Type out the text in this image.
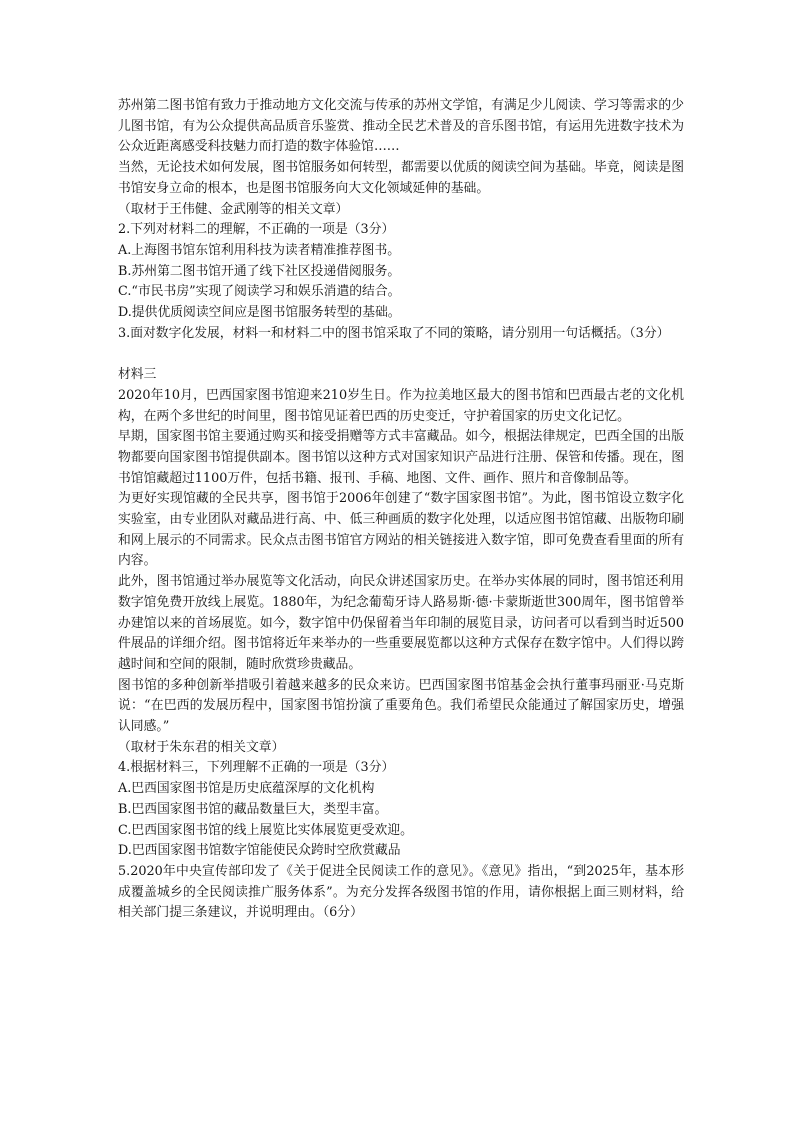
苏州第二图书馆有致力于推动地方文化交流与传承的苏州文学馆，有满足少儿阅读、学习等需求的少儿图书馆，有为公众提供高品质音乐鉴赏、推动全民艺术普及的音乐图书馆，有运用先进数字技术为公众近距离感受科技魅力而打造的数字体验馆……

当然，无论技术如何发展，图书馆服务如何转型，都需要以优质的阅读空间为基础。毕竟，阅读是图书馆安身立命的根本，也是图书馆服务向大文化领域延伸的基础。

（取材于王伟健、金武刚等的相关文章）

2.下列对材料二的理解，不正确的一项是（3分）

A.上海图书馆东馆利用科技为读者精准推荐图书。

B.苏州第二图书馆开通了线下社区投递借阅服务。

C.“市民书房”实现了阅读学习和娱乐消遣的结合。

D.提供优质阅读空间应是图书馆服务转型的基础。

3.面对数字化发展，材料一和材料二中的图书馆采取了不同的策略，请分别用一句话概括。（3分）

材料三

2020年10月，巴西国家图书馆迎来210岁生日。作为拉美地区最大的图书馆和巴西最古老的文化机构，在两个多世纪的时间里，图书馆见证着巴西的历史变迁，守护着国家的历史文化记忆。

早期，国家图书馆主要通过购买和接受捐赠等方式丰富藏品。如今，根据法律规定，巴西全国的出版物都要向国家图书馆提供副本。图书馆以这种方式对国家知识产品进行注册、保管和传播。现在，图书馆馆藏超过1100万件，包括书籍、报刊、手稿、地图、文件、画作、照片和音像制品等。

为更好实现馆藏的全民共享，图书馆于2006年创建了“数字国家图书馆”。为此，图书馆设立数字化实验室，由专业团队对藏品进行高、中、低三种画质的数字化处理，以适应图书馆馆藏、出版物印刷和网上展示的不同需求。民众点击图书馆官方网站的相关链接进入数字馆，即可免费查看里面的所有内容。

此外，图书馆通过举办展览等文化活动，向民众讲述国家历史。在举办实体展的同时，图书馆还利用数字馆免费开放线上展览。1880年，为纪念葡萄牙诗人路易斯·德·卡蒙斯逝世300周年，图书馆曾举办建馆以来的首场展览。如今，数字馆中仍保留着当年印制的展览目录，访问者可以看到当时近500件展品的详细介绍。图书馆将近年来举办的一些重要展览都以这种方式保存在数字馆中。人们得以跨越时间和空间的限制，随时欣赏珍贵藏品。

图书馆的多种创新举措吸引着越来越多的民众来访。巴西国家图书馆基金会执行董事玛丽亚·马克斯说：“在巴西的发展历程中，国家图书馆扮演了重要角色。我们希望民众能通过了解国家历史，增强认同感。”

（取材于朱东君的相关文章）

4.根据材料三，下列理解不正确的一项是（3分）

A.巴西国家图书馆是历史底蕴深厚的文化机构

B.巴西国家图书馆的藏品数量巨大，类型丰富。

C.巴西国家图书馆的线上展览比实体展览更受欢迎。

D.巴西国家图书馆数字馆能使民众跨时空欣赏藏品

5.2020年中央宣传部印发了《关于促进全民阅读工作的意见》。《意见》指出，“到2025年，基本形成覆盖城乡的全民阅读推广服务体系”。为充分发挥各级图书馆的作用，请你根据上面三则材料，给相关部门提三条建议，并说明理由。（6分）
